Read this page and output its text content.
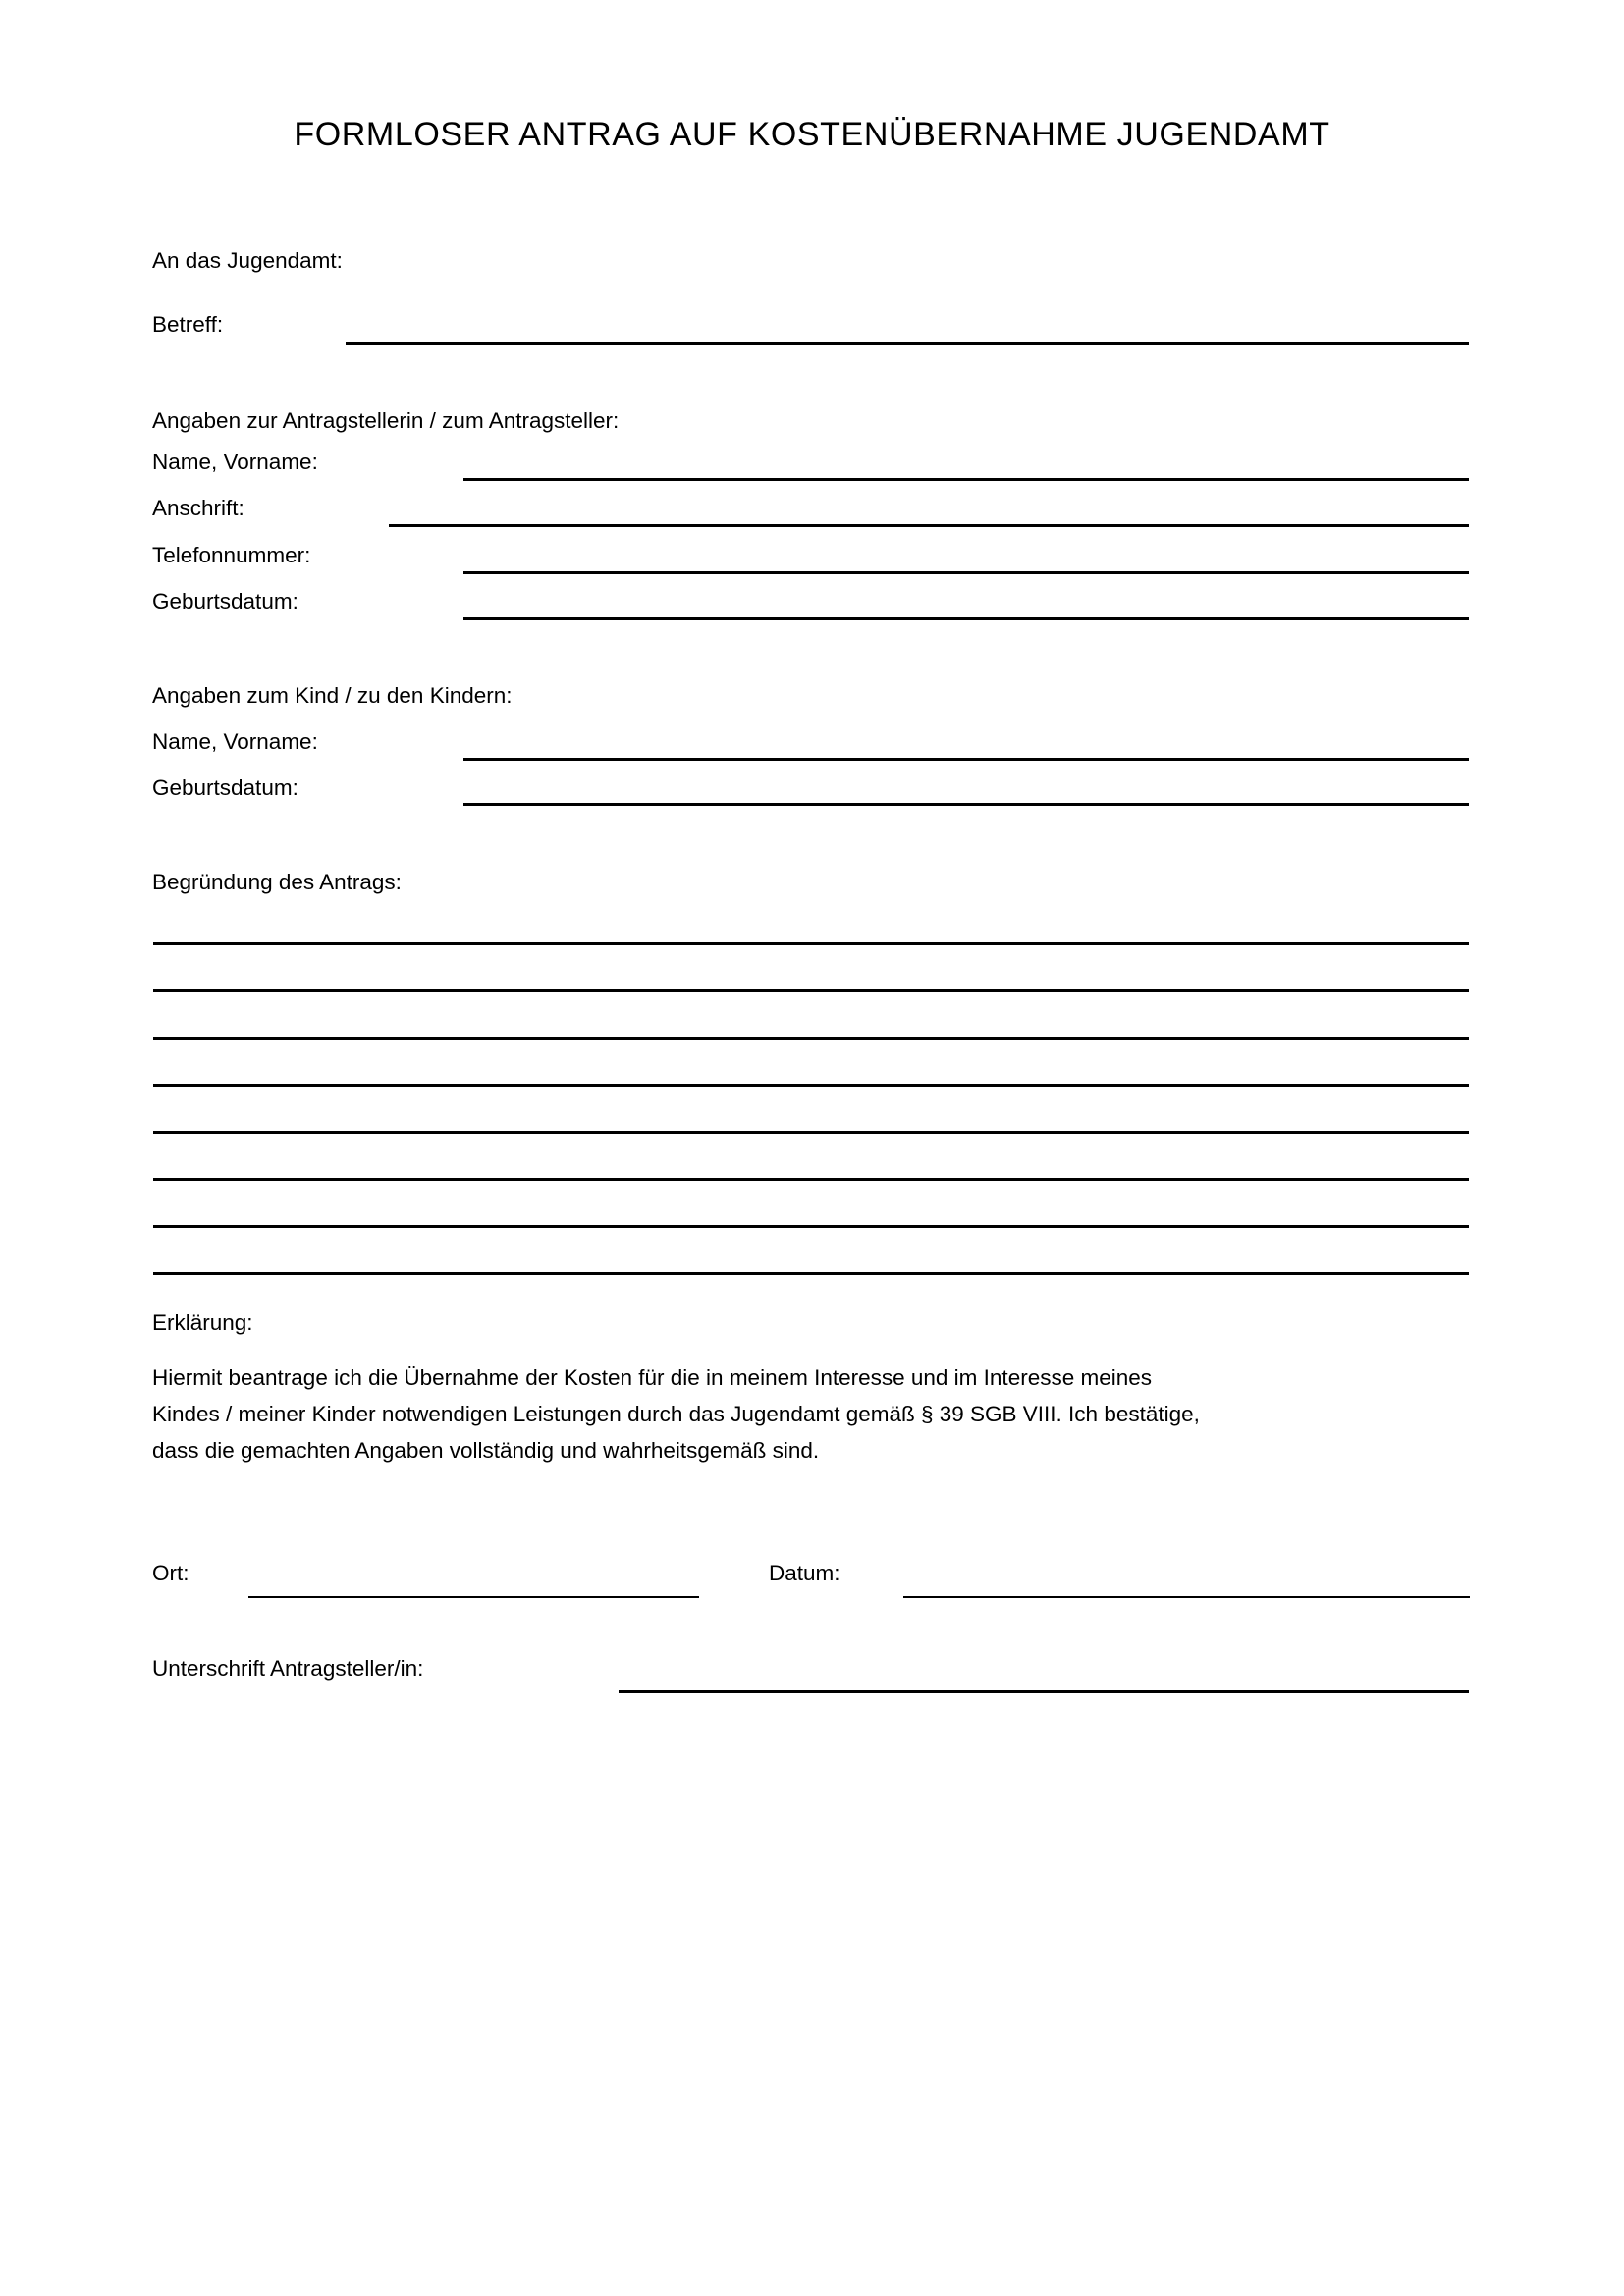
FORMLOSER ANTRAG AUF KOSTENÜBERNAHME JUGENDAMT
An das Jugendamt:
Betreff:
Angaben zur Antragstellerin / zum Antragsteller:
Name, Vorname:
Anschrift:
Telefonnummer:
Geburtsdatum:
Angaben zum Kind / zu den Kindern:
Name, Vorname:
Geburtsdatum:
Begründung des Antrags:
Erklärung:
Hiermit beantrage ich die Übernahme der Kosten für die in meinem Interesse und im Interesse meines
Kindes / meiner Kinder notwendigen Leistungen durch das Jugendamt gemäß § 39 SGB VIII. Ich bestätige,
dass die gemachten Angaben vollständig und wahrheitsgemäß sind.
Ort:	Datum:
Unterschrift Antragsteller/in:
